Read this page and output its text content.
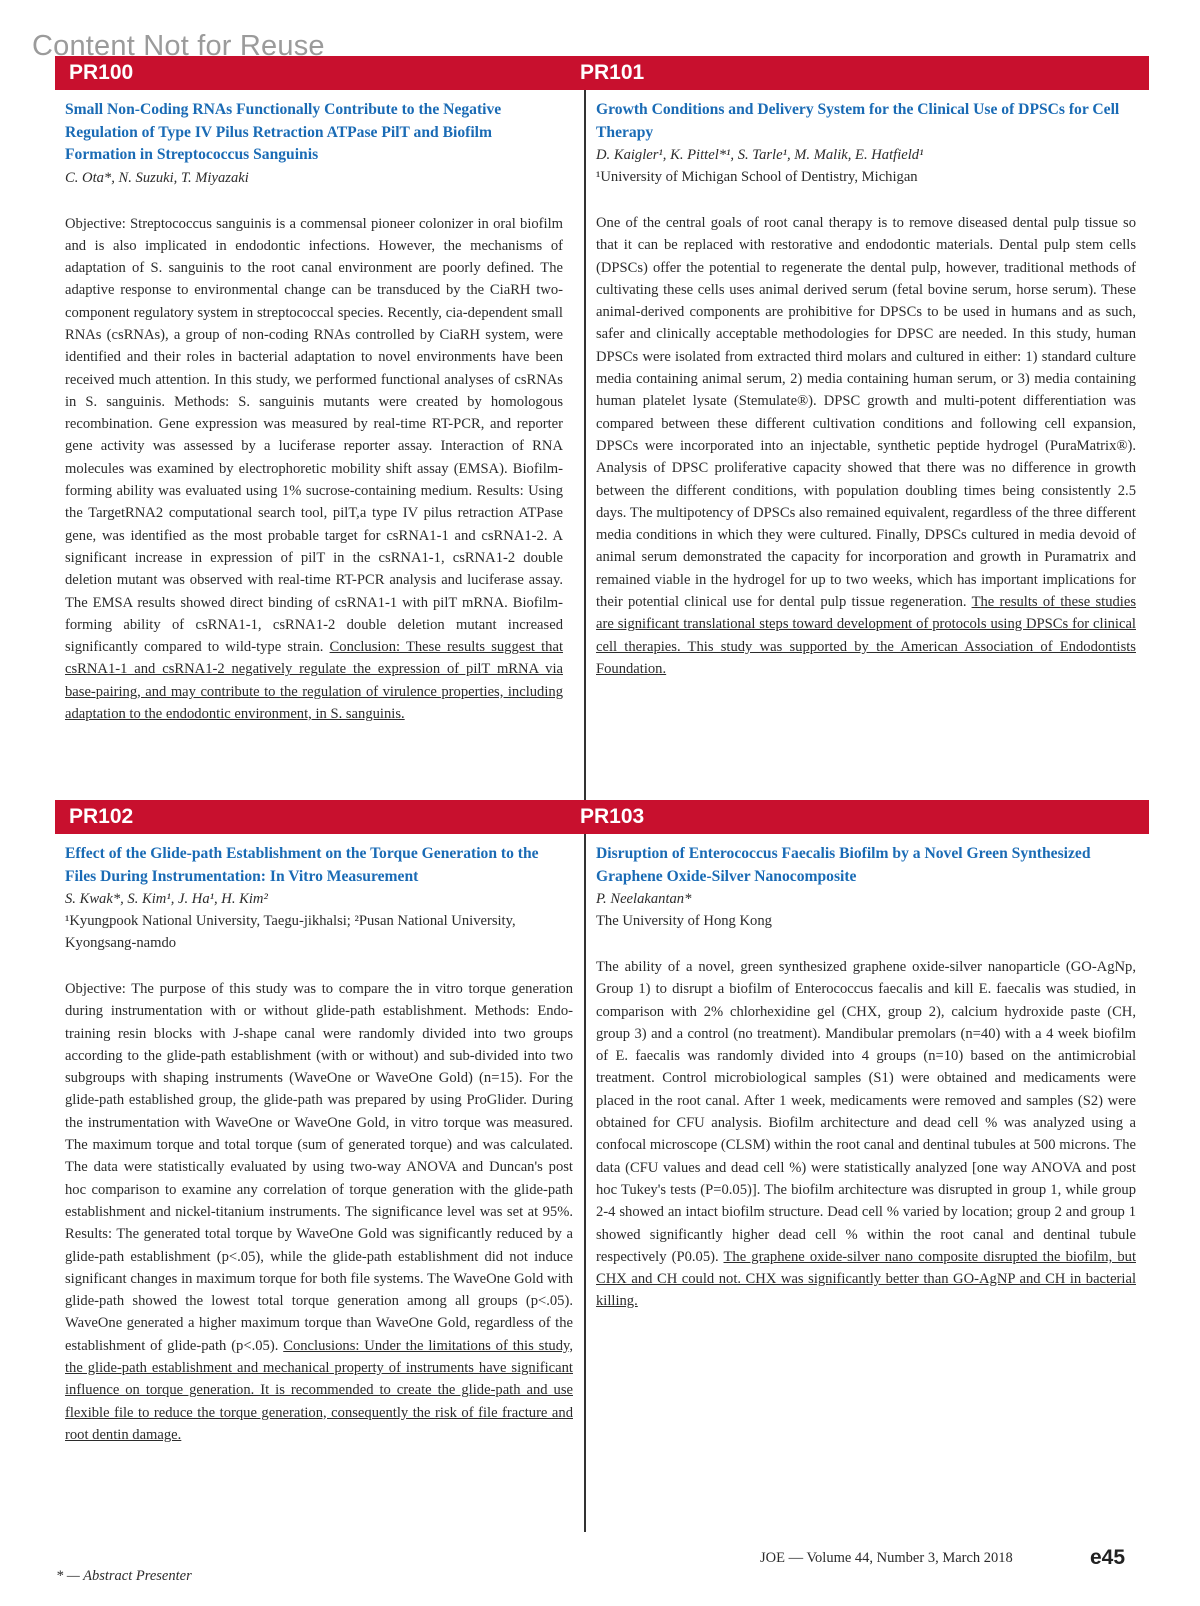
Content Not for Reuse
PR100	PR101
PR102	PR103
Small Non-Coding RNAs Functionally Contribute to the Negative Regulation of Type IV Pilus Retraction ATPase PilT and Biofilm Formation in Streptococcus Sanguinis
C. Ota*, N. Suzuki, T. Miyazaki
Objective: Streptococcus sanguinis is a commensal pioneer colonizer in oral biofilm and is also implicated in endodontic infections. However, the mechanisms of adaptation of S. sanguinis to the root canal environment are poorly defined. The adaptive response to environmental change can be transduced by the CiaRH two-component regulatory system in streptococcal species. Recently, cia-dependent small RNAs (csRNAs), a group of non-coding RNAs controlled by CiaRH system, were identified and their roles in bacterial adaptation to novel environments have been received much attention. In this study, we performed functional analyses of csRNAs in S. sanguinis. Methods: S. sanguinis mutants were created by homologous recombination. Gene expression was measured by real-time RT-PCR, and reporter gene activity was assessed by a luciferase reporter assay. Interaction of RNA molecules was examined by electrophoretic mobility shift assay (EMSA). Biofilm-forming ability was evaluated using 1% sucrose-containing medium. Results: Using the TargetRNA2 computational search tool, pilT,a type IV pilus retraction ATPase gene, was identified as the most probable target for csRNA1-1 and csRNA1-2. A significant increase in expression of pilT in the csRNA1-1, csRNA1-2 double deletion mutant was observed with real-time RT-PCR analysis and luciferase assay. The EMSA results showed direct binding of csRNA1-1 with pilT mRNA. Biofilm-forming ability of csRNA1-1, csRNA1-2 double deletion mutant increased significantly compared to wild-type strain. Conclusion: These results suggest that csRNA1-1 and csRNA1-2 negatively regulate the expression of pilT mRNA via base-pairing, and may contribute to the regulation of virulence properties, including adaptation to the endodontic environment, in S. sanguinis.
Growth Conditions and Delivery System for the Clinical Use of DPSCs for Cell Therapy
D. Kaigler¹, K. Pittel*¹, S. Tarle¹, M. Malik, E. Hatfield¹
¹University of Michigan School of Dentistry, Michigan
One of the central goals of root canal therapy is to remove diseased dental pulp tissue so that it can be replaced with restorative and endodontic materials. Dental pulp stem cells (DPSCs) offer the potential to regenerate the dental pulp, however, traditional methods of cultivating these cells uses animal derived serum (fetal bovine serum, horse serum). These animal-derived components are prohibitive for DPSCs to be used in humans and as such, safer and clinically acceptable methodologies for DPSC are needed. In this study, human DPSCs were isolated from extracted third molars and cultured in either: 1) standard culture media containing animal serum, 2) media containing human serum, or 3) media containing human platelet lysate (Stemulate®). DPSC growth and multi-potent differentiation was compared between these different cultivation conditions and following cell expansion, DPSCs were incorporated into an injectable, synthetic peptide hydrogel (PuraMatrix®). Analysis of DPSC proliferative capacity showed that there was no difference in growth between the different conditions, with population doubling times being consistently 2.5 days. The multipotency of DPSCs also remained equivalent, regardless of the three different media conditions in which they were cultured. Finally, DPSCs cultured in media devoid of animal serum demonstrated the capacity for incorporation and growth in Puramatrix and remained viable in the hydrogel for up to two weeks, which has important implications for their potential clinical use for dental pulp tissue regeneration. The results of these studies are significant translational steps toward development of protocols using DPSCs for clinical cell therapies. This study was supported by the American Association of Endodontists Foundation.
Effect of the Glide-path Establishment on the Torque Generation to the Files During Instrumentation: In Vitro Measurement
S. Kwak*, S. Kim¹, J. Ha¹, H. Kim²
¹Kyungpook National University, Taegu-jikhalsi; ²Pusan National University, Kyongsang-namdo
Objective: The purpose of this study was to compare the in vitro torque generation during instrumentation with or without glide-path establishment. Methods: Endo-training resin blocks with J-shape canal were randomly divided into two groups according to the glide-path establishment (with or without) and sub-divided into two subgroups with shaping instruments (WaveOne or WaveOne Gold) (n=15). For the glide-path established group, the glide-path was prepared by using ProGlider. During the instrumentation with WaveOne or WaveOne Gold, in vitro torque was measured. The maximum torque and total torque (sum of generated torque) and was calculated. The data were statistically evaluated by using two-way ANOVA and Duncan's post hoc comparison to examine any correlation of torque generation with the glide-path establishment and nickel-titanium instruments. The significance level was set at 95%. Results: The generated total torque by WaveOne Gold was significantly reduced by a glide-path establishment (p<.05), while the glide-path establishment did not induce significant changes in maximum torque for both file systems. The WaveOne Gold with glide-path showed the lowest total torque generation among all groups (p<.05). WaveOne generated a higher maximum torque than WaveOne Gold, regardless of the establishment of glide-path (p<.05). Conclusions: Under the limitations of this study, the glide-path establishment and mechanical property of instruments have significant influence on torque generation. It is recommended to create the glide-path and use flexible file to reduce the torque generation, consequently the risk of file fracture and root dentin damage.
Disruption of Enterococcus Faecalis Biofilm by a Novel Green Synthesized Graphene Oxide-Silver Nanocomposite
P. Neelakantan*
The University of Hong Kong
The ability of a novel, green synthesized graphene oxide-silver nanoparticle (GO-AgNp, Group 1) to disrupt a biofilm of Enterococcus faecalis and kill E. faecalis was studied, in comparison with 2% chlorhexidine gel (CHX, group 2), calcium hydroxide paste (CH, group 3) and a control (no treatment). Mandibular premolars (n=40) with a 4 week biofilm of E. faecalis was randomly divided into 4 groups (n=10) based on the antimicrobial treatment. Control microbiological samples (S1) were obtained and medicaments were placed in the root canal. After 1 week, medicaments were removed and samples (S2) were obtained for CFU analysis. Biofilm architecture and dead cell % was analyzed using a confocal microscope (CLSM) within the root canal and dentinal tubules at 500 microns. The data (CFU values and dead cell %) were statistically analyzed [one way ANOVA and post hoc Tukey's tests (P=0.05)]. The biofilm architecture was disrupted in group 1, while group 2-4 showed an intact biofilm structure. Dead cell % varied by location; group 2 and group 1 showed significantly higher dead cell % within the root canal and dentinal tubule respectively (P0.05). The graphene oxide-silver nano composite disrupted the biofilm, but CHX and CH could not. CHX was significantly better than GO-AgNP and CH in bacterial killing.
* — Abstract Presenter
JOE — Volume 44, Number 3, March 2018	e45
